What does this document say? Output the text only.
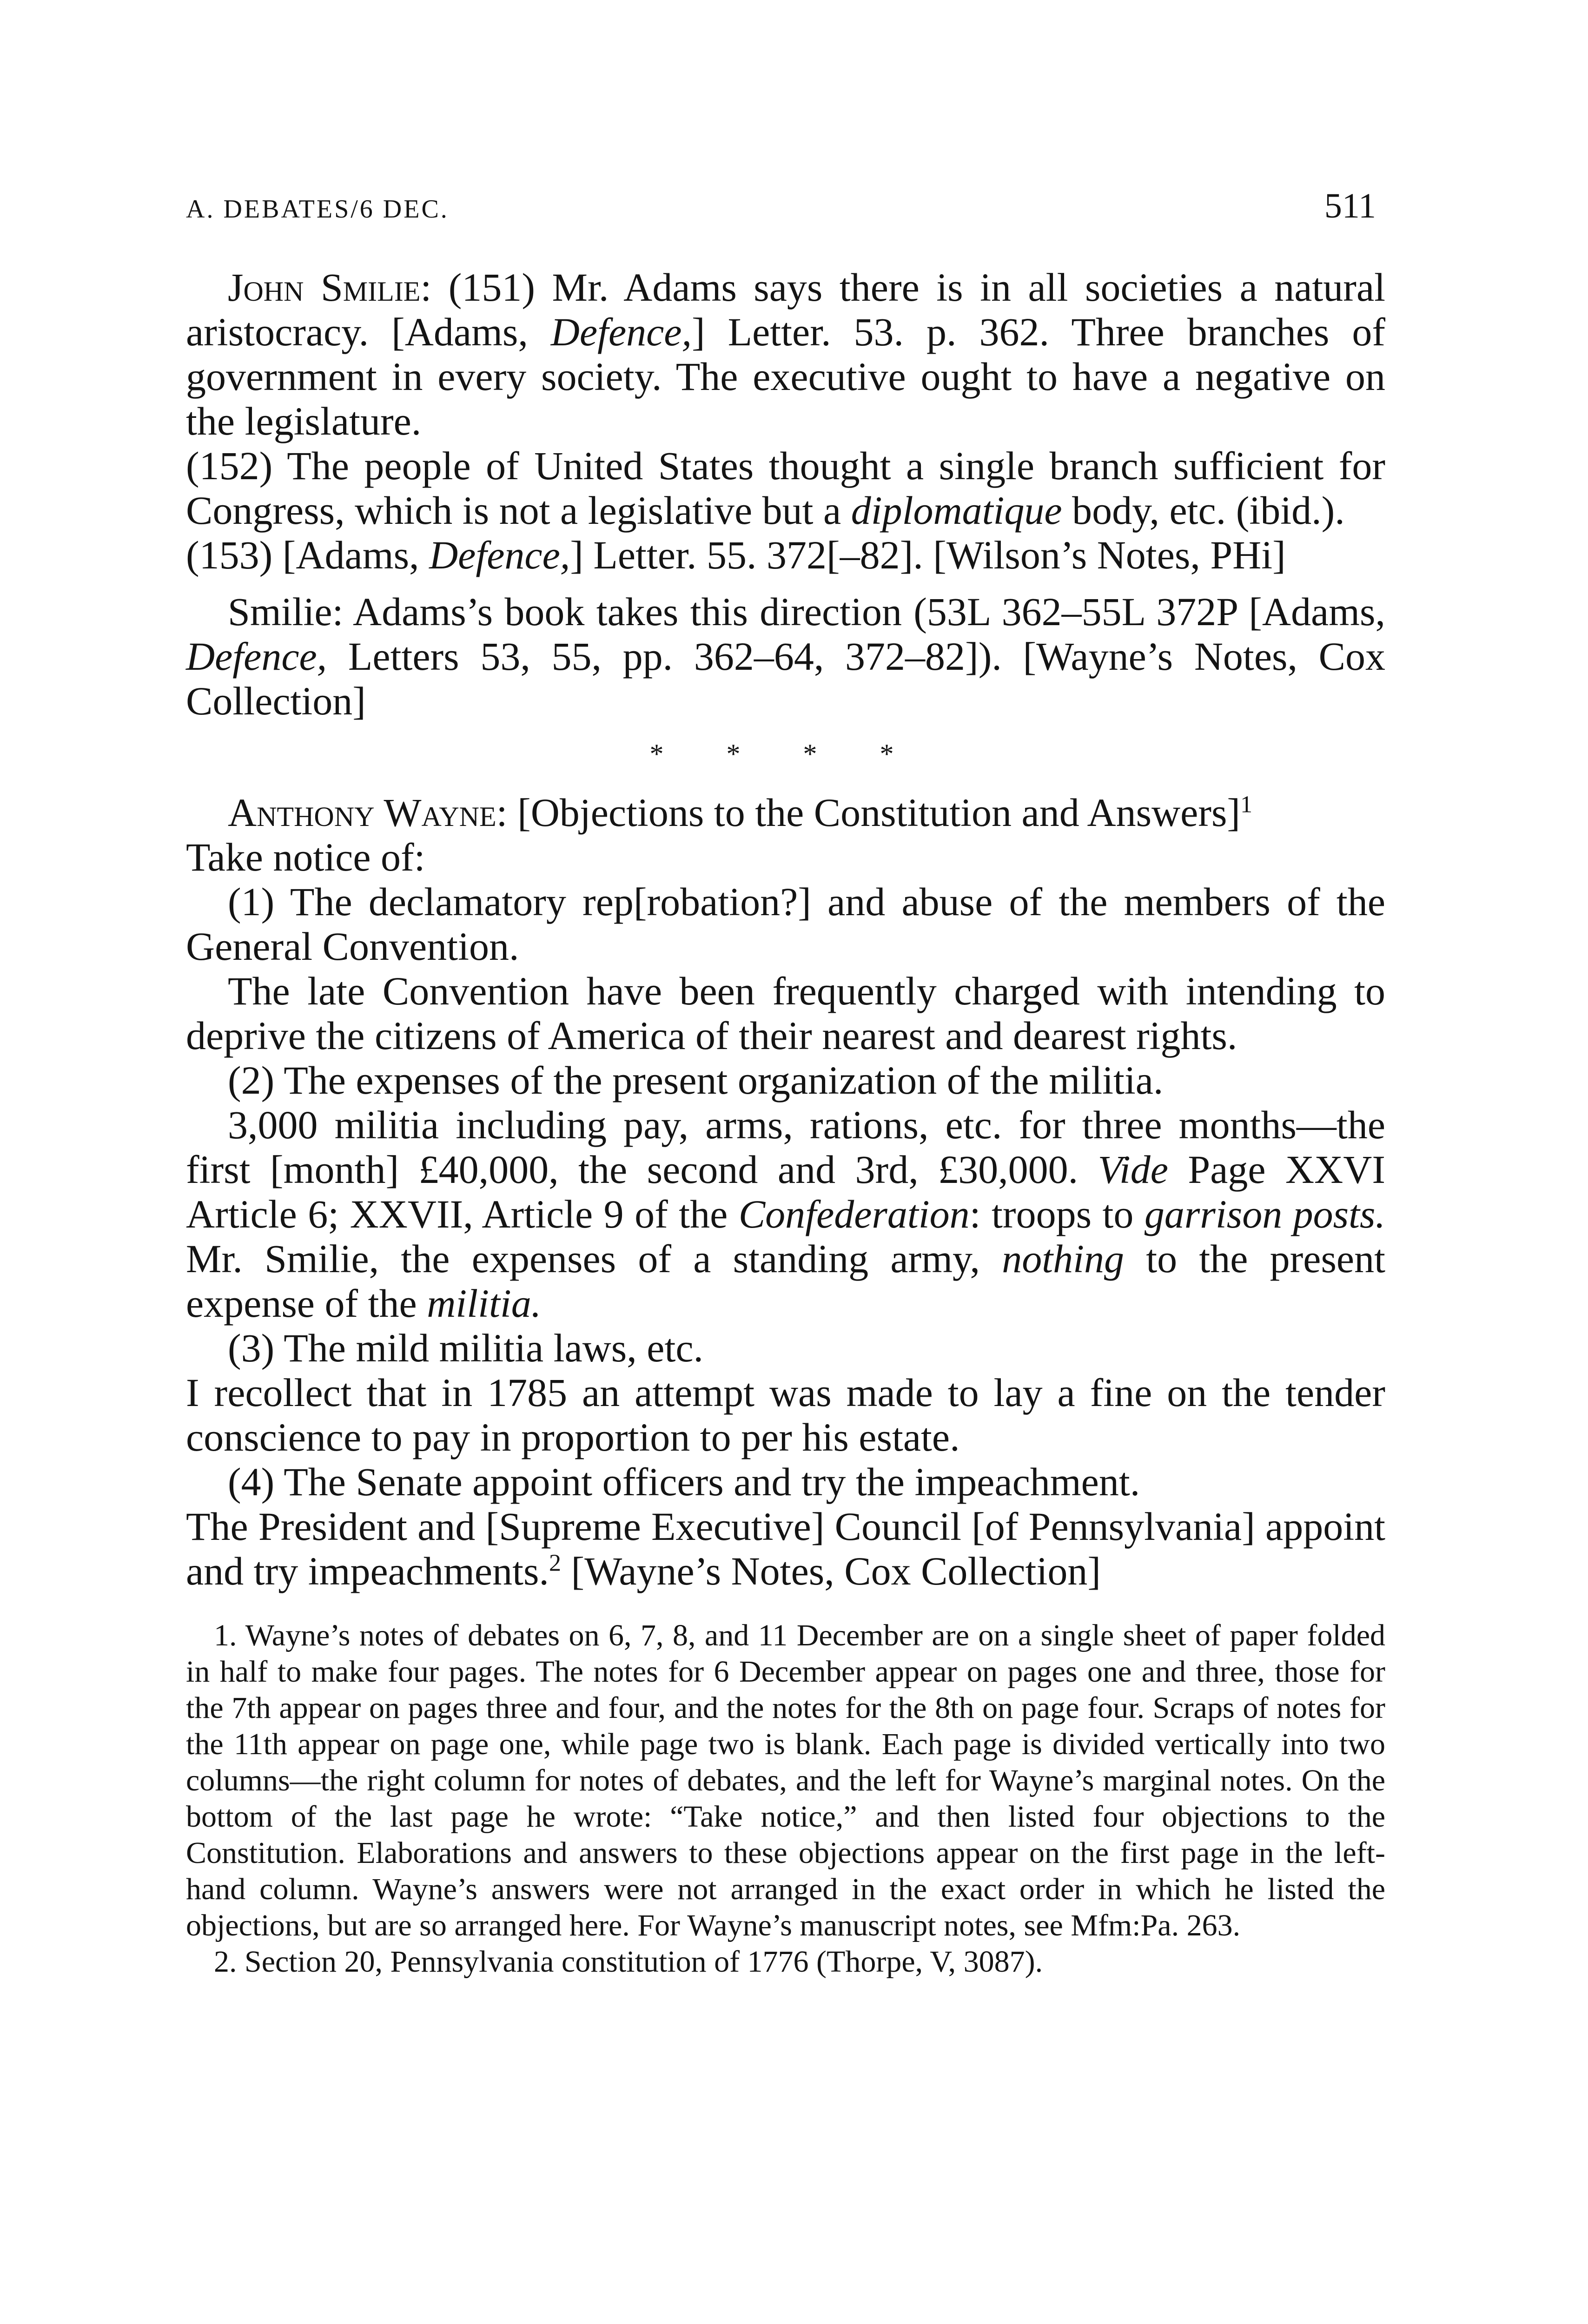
A. DEBATES/6 DEC.	511

John Smilie: (151) Mr. Adams says there is in all societies a natural aristocracy. [Adams, Defence,] Letter. 53. p. 362. Three branches of government in every society. The executive ought to have a negative on the legislature.

(152) The people of United States thought a single branch sufficient for Congress, which is not a legislative but a diplomatique body, etc. (ibid.).

(153) [Adams, Defence,] Letter. 55. 372[–82]. [Wilson’s Notes, PHi]

Smilie: Adams’s book takes this direction (53L 362–55L 372P [Adams, Defence, Letters 53, 55, pp. 362–64, 372–82]). [Wayne’s Notes, Cox Collection]

* * * *

Anthony Wayne: [Objections to the Constitution and Answers]$^1$

Take notice of:

(1) The declamatory rep[robation?] and abuse of the members of the General Convention.

The late Convention have been frequently charged with intending to deprive the citizens of America of their nearest and dearest rights.

(2) The expenses of the present organization of the militia.

3,000 militia including pay, arms, rations, etc. for three months—the first [month] £40,000, the second and 3rd, £30,000. Vide Page XXVI Article 6; XXVII, Article 9 of the Confederation: troops to garrison posts. Mr. Smilie, the expenses of a standing army, nothing to the present expense of the militia.

(3) The mild militia laws, etc.

I recollect that in 1785 an attempt was made to lay a fine on the tender conscience to pay in proportion to per his estate.

(4) The Senate appoint officers and try the impeachment.

The President and [Supreme Executive] Council [of Pennsylvania] appoint and try impeachments.$^2$ [Wayne’s Notes, Cox Collection]

1. Wayne’s notes of debates on 6, 7, 8, and 11 December are on a single sheet of paper folded in half to make four pages. The notes for 6 December appear on pages one and three, those for the 7th appear on pages three and four, and the notes for the 8th on page four. Scraps of notes for the 11th appear on page one, while page two is blank. Each page is divided vertically into two columns—the right column for notes of debates, and the left for Wayne’s marginal notes. On the bottom of the last page he wrote: “Take notice,” and then listed four objections to the Constitution. Elaborations and answers to these objections appear on the first page in the left-hand column. Wayne’s answers were not arranged in the exact order in which he listed the objections, but are so arranged here. For Wayne’s manuscript notes, see Mfm:Pa. 263.

2. Section 20, Pennsylvania constitution of 1776 (Thorpe, V, 3087).
